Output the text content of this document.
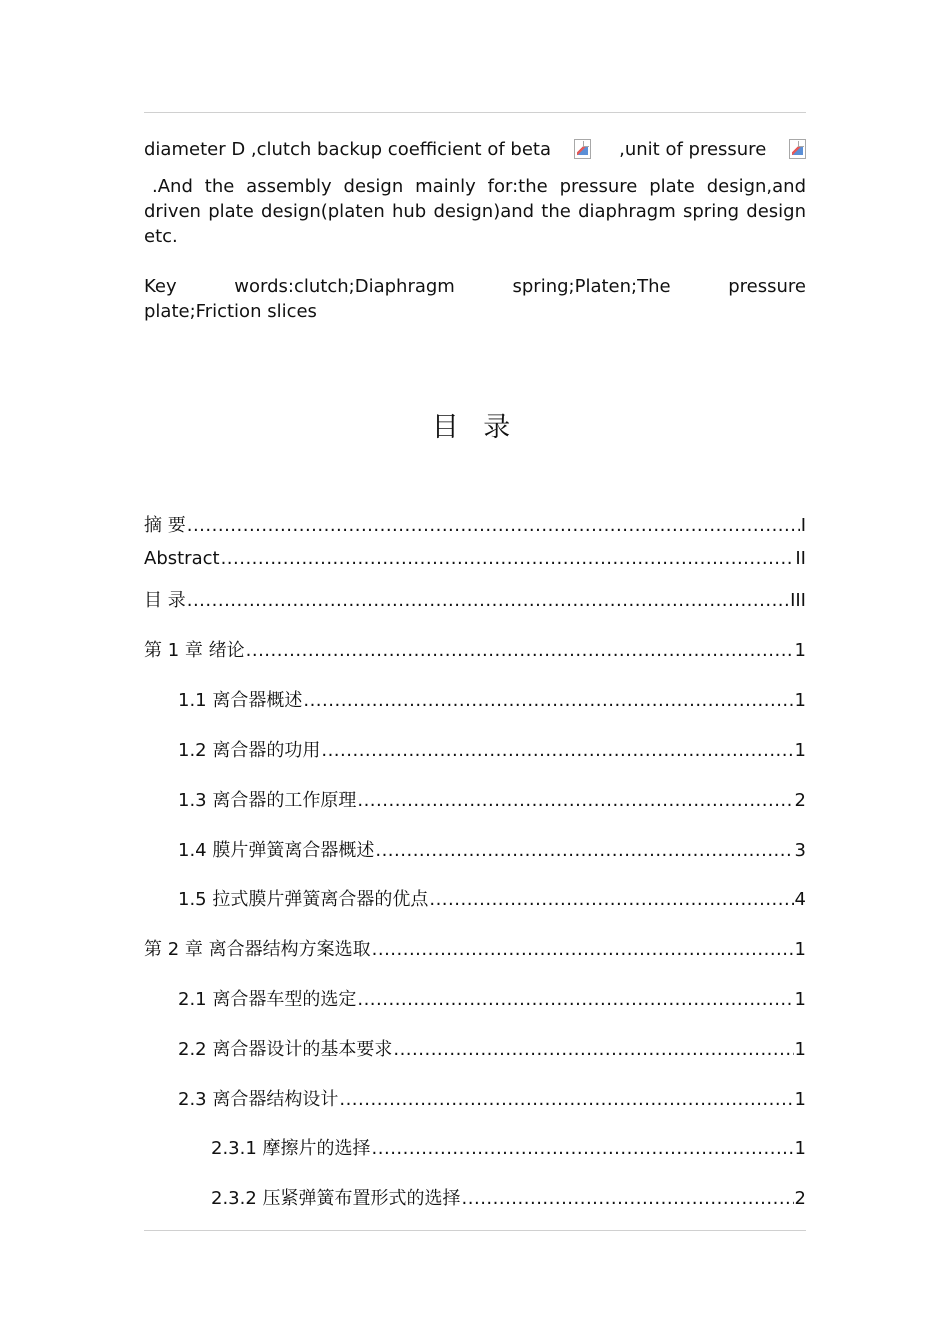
diameter D ,clutch backup coefficient of beta	,unit of pressure

.And the assembly design mainly for:the pressure plate design,and driven plate design(platen hub design)and the diaphragm spring design etc.

Key	words:clutch;Diaphragm	spring;Platen;The	pressure
plate;Friction slices
目 录
摘 要 .....	I
Abstract .....	II
目 录 .....	III
第 1 章 绪论 .....	1
1.1 离合器概述 .....	1
1.2 离合器的功用 .....	1
1.3 离合器的工作原理 .....	2
1.4 膜片弹簧离合器概述 .....	3
1.5 拉式膜片弹簧离合器的优点 .....	4
第 2 章 离合器结构方案选取 .....	1
2.1 离合器车型的选定 .....	1
2.2 离合器设计的基本要求 .....	1
2.3 离合器结构设计 .....	1
2.3.1 摩擦片的选择 .....	1
2.3.2 压紧弹簧布置形式的选择 .....	2
